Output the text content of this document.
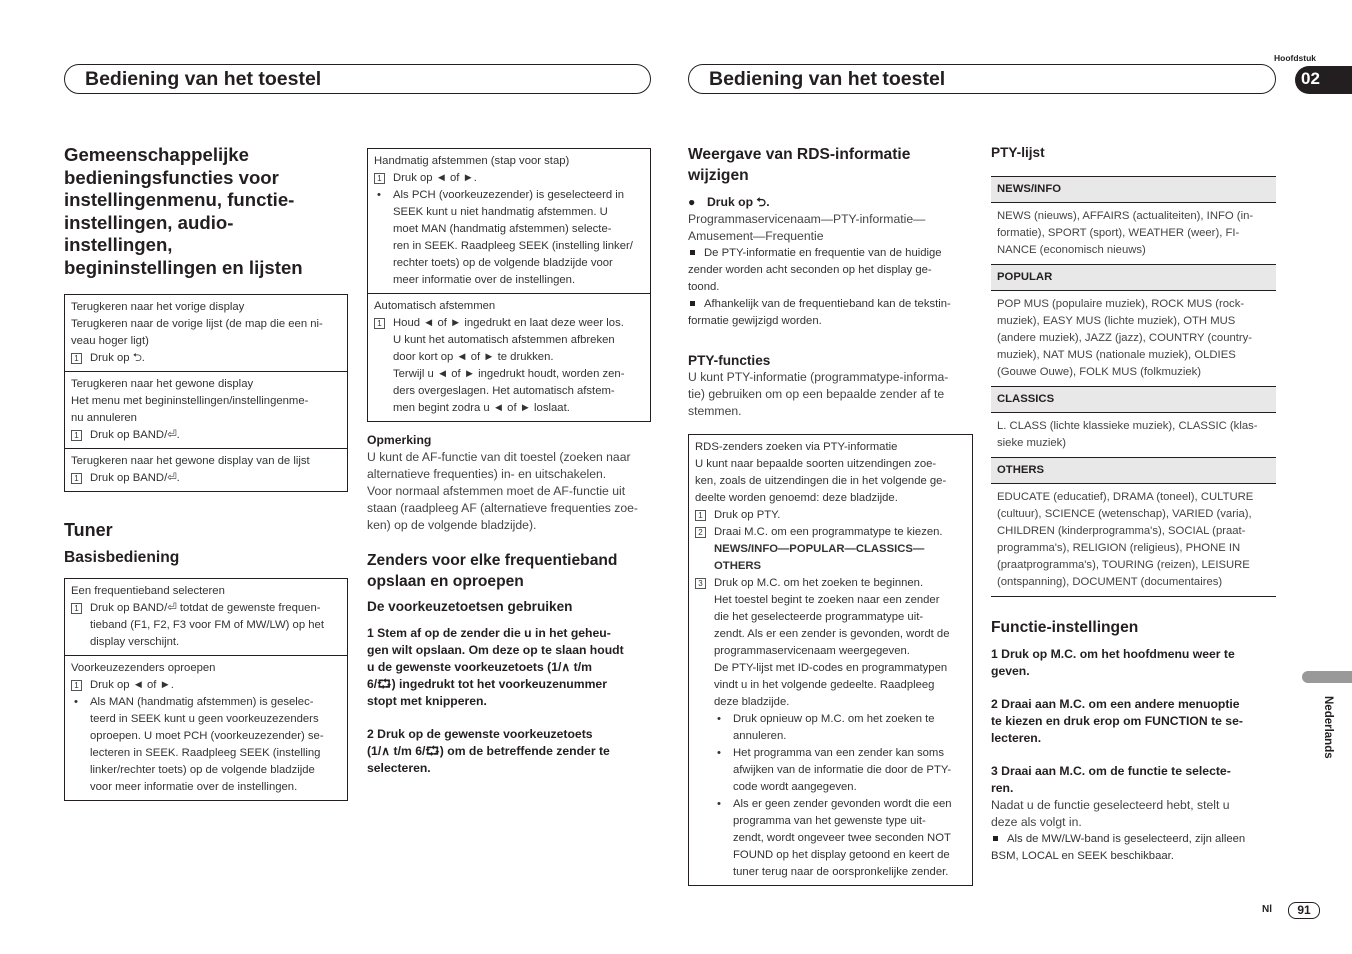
Bediening van het toestel	Bediening van het toestel
Hoofdstuk
02
Nederlands
Nl	91
Gemeenschappelijke
bedieningsfuncties voor
instellingenmenu, functie-
instellingen, audio-
instellingen,
begininstellingen en lijsten
Terugkeren naar het vorige display
Terugkeren naar de vorige lijst (de map die een ni-
veau hoger ligt)
1 Druk op ⮌.
Terugkeren naar het gewone display
Het menu met begininstellingen/instellingenme-
nu annuleren
1 Druk op BAND/⏎.
Terugkeren naar het gewone display van de lijst
1 Druk op BAND/⏎.
Tuner
Basisbediening
Een frequentieband selecteren
1 Druk op BAND/⏎ totdat de gewenste frequen-
tieband (F1, F2, F3 voor FM of MW/LW) op het
display verschijnt.
Voorkeuzezenders oproepen
1 Druk op ◄ of ►.
•	Als MAN (handmatig afstemmen) is geselec-
teerd in SEEK kunt u geen voorkeuzezenders
oproepen. U moet PCH (voorkeuzezender) se-
lecteren in SEEK. Raadpleeg SEEK (instelling
linker/rechter toets) op de volgende bladzijde
voor meer informatie over de instellingen.
Handmatig afstemmen (stap voor stap)
1 Druk op ◄ of ►.
•	Als PCH (voorkeuzezender) is geselecteerd in
SEEK kunt u niet handmatig afstemmen. U
moet MAN (handmatig afstemmen) selecte-
ren in SEEK. Raadpleeg SEEK (instelling linker/
rechter toets) op de volgende bladzijde voor
meer informatie over de instellingen.
Automatisch afstemmen
1 Houd ◄ of ► ingedrukt en laat deze weer los.
U kunt het automatisch afstemmen afbreken
door kort op ◄ of ► te drukken.
Terwijl u ◄ of ► ingedrukt houdt, worden zen-
ders overgeslagen. Het automatisch afstem-
men begint zodra u ◄ of ► loslaat.
Opmerking
U kunt de AF-functie van dit toestel (zoeken naar
alternatieve frequenties) in- en uitschakelen.
Voor normaal afstemmen moet de AF-functie uit
staan (raadpleeg AF (alternatieve frequenties zoe-
ken) op de volgende bladzijde).
Zenders voor elke frequentieband
opslaan en oproepen
De voorkeuzetoetsen gebruiken
1 Stem af op de zender die u in het geheu-
gen wilt opslaan. Om deze op te slaan houdt
u de gewenste voorkeuzetoets (1/∧ t/m
6/⮔) ingedrukt tot het voorkeuzenummer
stopt met knipperen.
2 Druk op de gewenste voorkeuzetoets
(1/∧ t/m 6/⮔) om de betreffende zender te
selecteren.
Weergave van RDS-informatie
wijzigen
● Druk op ⮌.
Programmaservicenaam—PTY-informatie—
Amusement—Frequentie
De PTY-informatie en frequentie van de huidige
zender worden acht seconden op het display ge-
toond.
Afhankelijk van de frequentieband kan de tekstin-
formatie gewijzigd worden.
PTY-functies
U kunt PTY-informatie (programmatype-informa-
tie) gebruiken om op een bepaalde zender af te
stemmen.
RDS-zenders zoeken via PTY-informatie
U kunt naar bepaalde soorten uitzendingen zoe-
ken, zoals de uitzendingen die in het volgende ge-
deelte worden genoemd: deze bladzijde.
1 Druk op PTY.
2 Draai M.C. om een programmatype te kiezen.
NEWS/INFO—POPULAR—CLASSICS—
OTHERS
3 Druk op M.C. om het zoeken te beginnen.
Het toestel begint te zoeken naar een zender
die het geselecteerde programmatype uit-
zendt. Als er een zender is gevonden, wordt de
programmaservicenaam weergegeven.
De PTY-lijst met ID-codes en programmatypen
vindt u in het volgende gedeelte. Raadpleeg
deze bladzijde.
•	Druk opnieuw op M.C. om het zoeken te
annuleren.
•	Het programma van een zender kan soms
afwijken van de informatie die door de PTY-
code wordt aangegeven.
•	Als er geen zender gevonden wordt die een
programma van het gewenste type uit-
zendt, wordt ongeveer twee seconden NOT
FOUND op het display getoond en keert de
tuner terug naar de oorspronkelijke zender.
PTY-lijst
NEWS/INFO
NEWS (nieuws), AFFAIRS (actualiteiten), INFO (in-
formatie), SPORT (sport), WEATHER (weer), FI-
NANCE (economisch nieuws)
POPULAR
POP MUS (populaire muziek), ROCK MUS (rock-
muziek), EASY MUS (lichte muziek), OTH MUS
(andere muziek), JAZZ (jazz), COUNTRY (country-
muziek), NAT MUS (nationale muziek), OLDIES
(Gouwe Ouwe), FOLK MUS (folkmuziek)
CLASSICS
L. CLASS (lichte klassieke muziek), CLASSIC (klas-
sieke muziek)
OTHERS
EDUCATE (educatief), DRAMA (toneel), CULTURE
(cultuur), SCIENCE (wetenschap), VARIED (varia),
CHILDREN (kinderprogramma's), SOCIAL (praat-
programma's), RELIGION (religieus), PHONE IN
(praatprogramma's), TOURING (reizen), LEISURE
(ontspanning), DOCUMENT (documentaires)
Functie-instellingen
1 Druk op M.C. om het hoofdmenu weer te
geven.
2 Draai aan M.C. om een andere menuoptie
te kiezen en druk erop om FUNCTION te se-
lecteren.
3 Draai aan M.C. om de functie te selecte-
ren.
Nadat u de functie geselecteerd hebt, stelt u
deze als volgt in.
Als de MW/LW-band is geselecteerd, zijn alleen
BSM, LOCAL en SEEK beschikbaar.
